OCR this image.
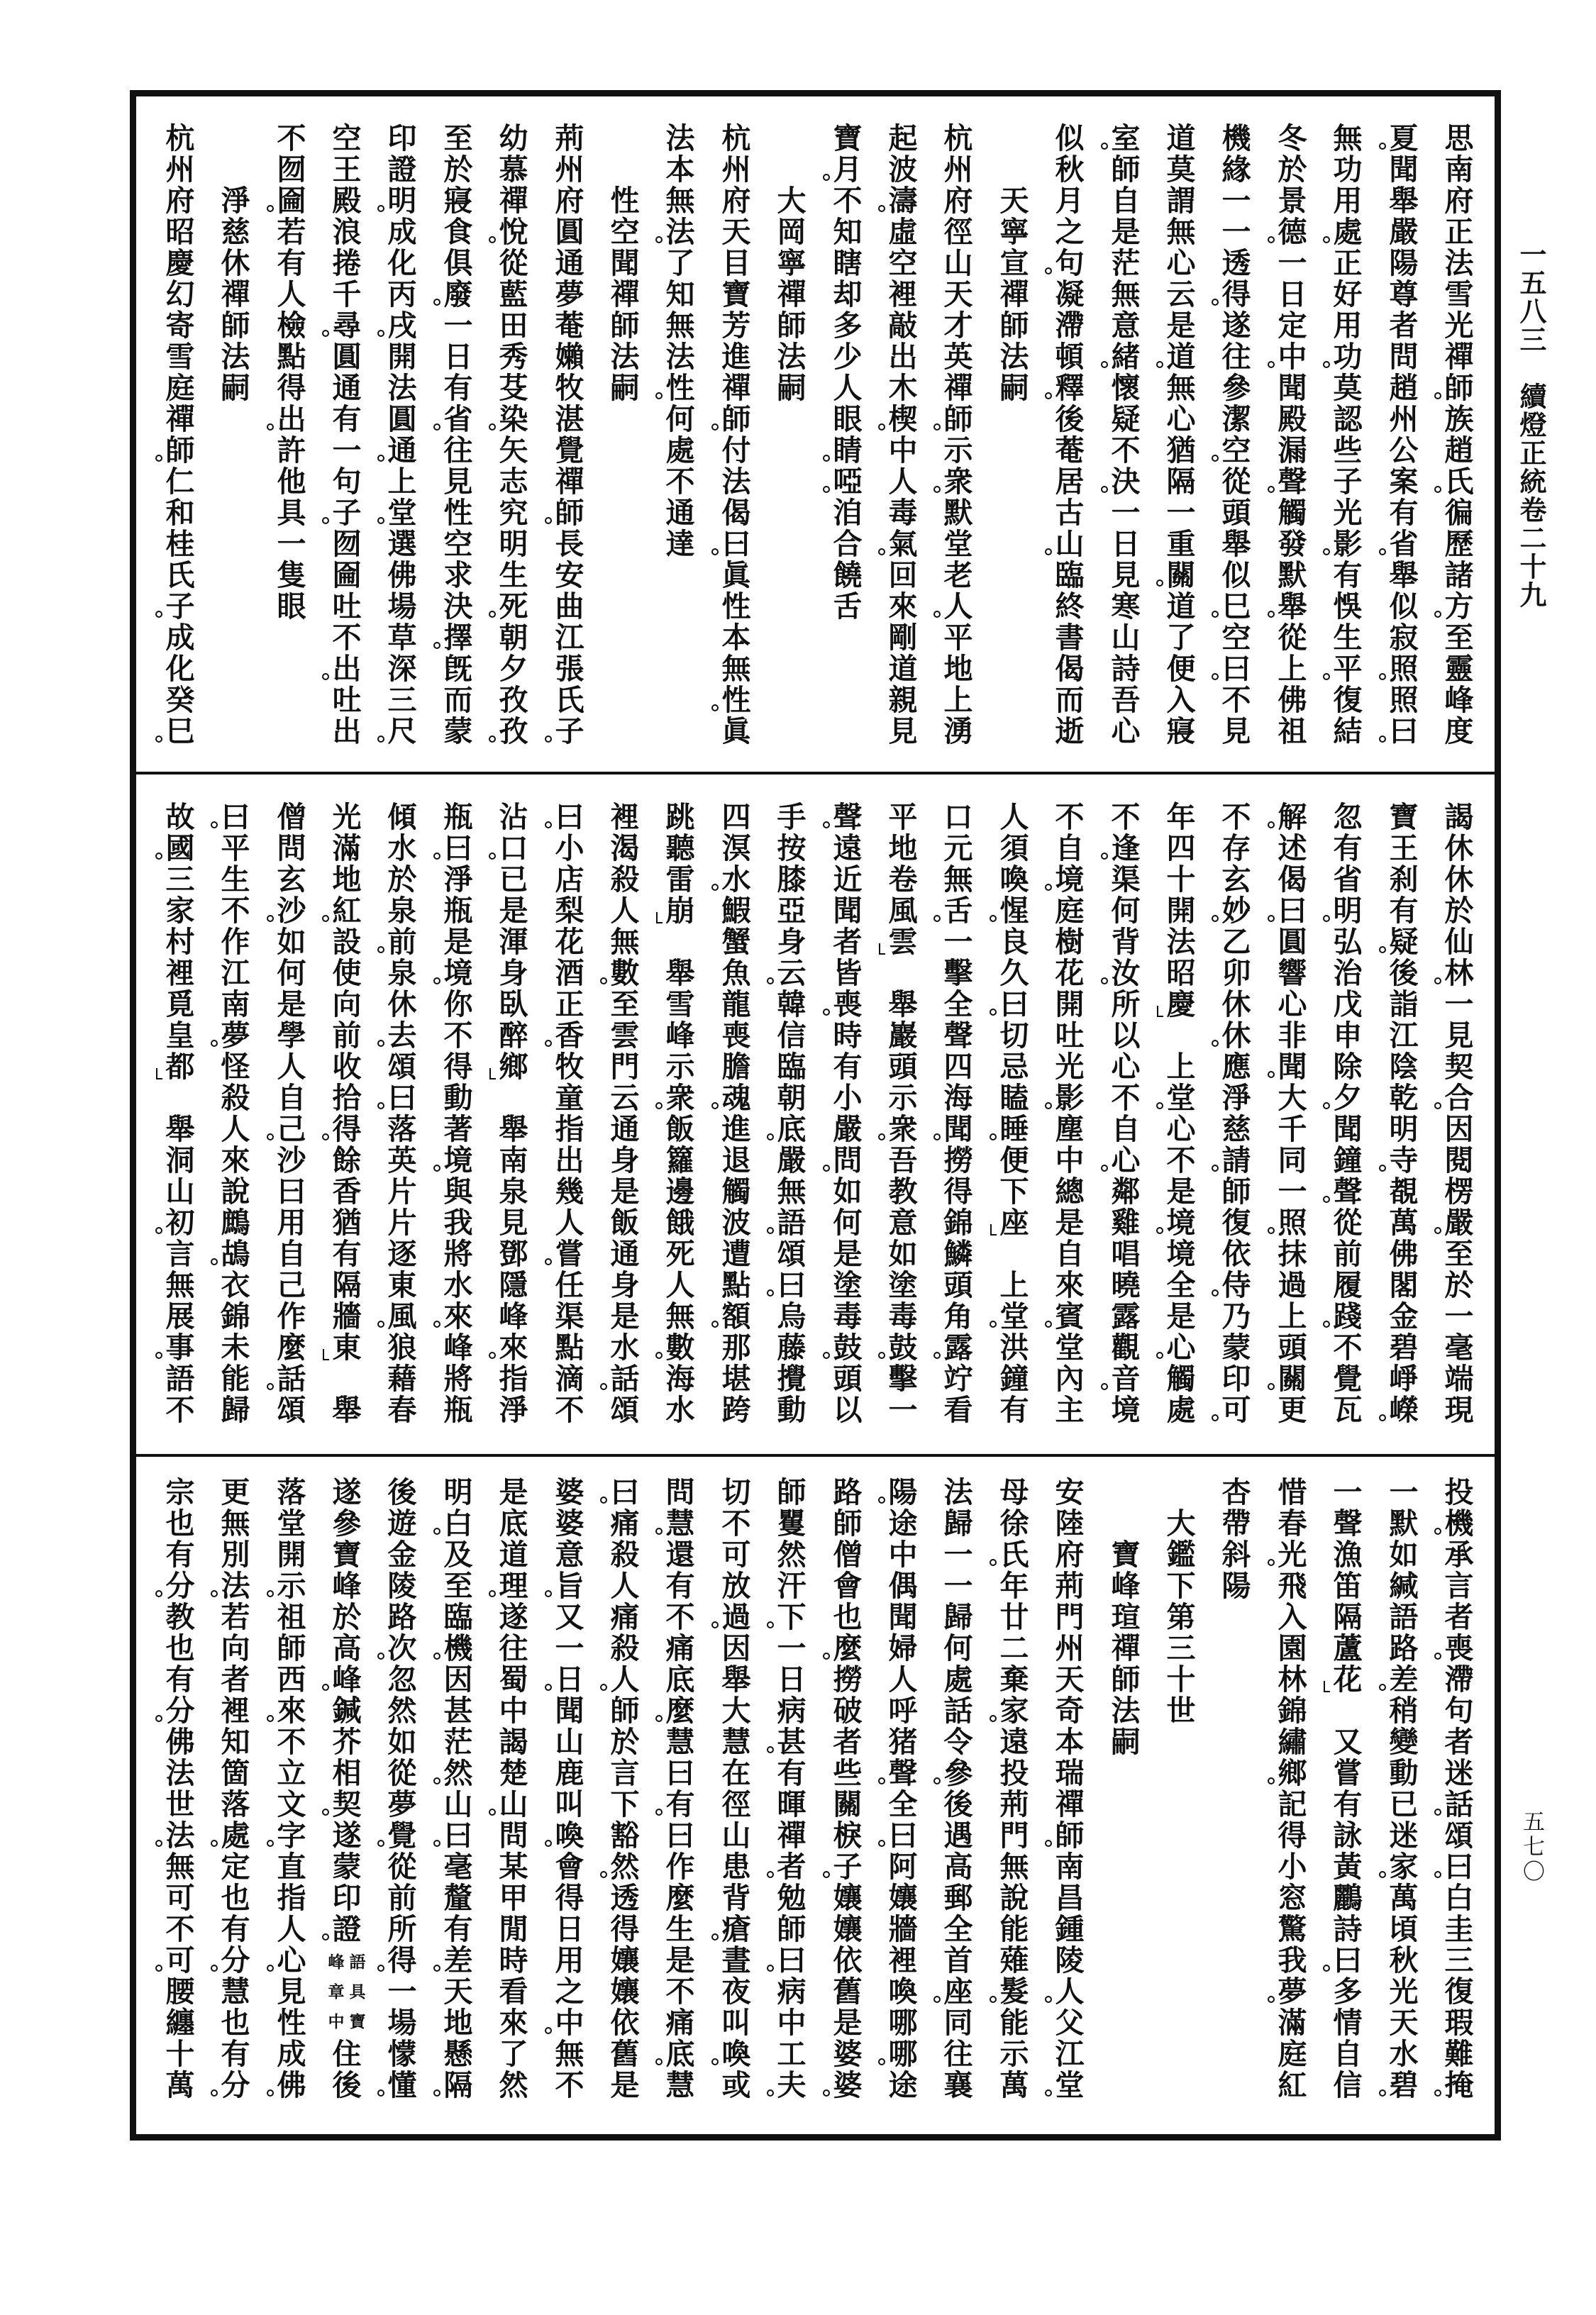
一五八三
續燈正統卷二十九
五七〇
思
南
府
正
法
雪
光
禪
師
族
趙
氏
徧
歷
諸
方
至
靈
峰
度
夏
聞
舉
嚴
陽
尊
者
問
趙
州
公
案
有
省
舉
似
寂
照
照
曰
無
功
用
處
正
好
用
功
莫
認
些
子
光
影
有
悞
生
平
復
結
冬
於
景
德
一
日
定
中
聞
殿
漏
聲
觸
發
默
舉
從
上
佛
祖
機
緣
一
一
透
得
遂
往
參
潔
空
從
頭
舉
似
巳
空
曰
不
見
道
莫
謂
無
心
云
是
道
無
心
猶
隔
一
重
關
道
了
便
入
寢
室
師
自
是
茫
無
意
緒
懷
疑
不
決
一
日
見
寒
山
詩
吾
心
似
秋
月
之
句
凝
滯
頓
釋
後
菴
居
古
山
臨
終
書
偈
而
逝

天
寧
宣
禪
師
法
嗣
杭
州
府
徑
山
天
才
英
禪
師
示
衆
默
堂
老
人
平
地
上
湧
起
波
濤
虛
空
裡
敲
出
木
楔
中
人
毒
氣
回
來
剛
道
親
見
寶
月
不
知
瞎
却
多
少
人
眼
睛
啞
洎
合
饒
舌

大
岡
寧
禪
師
法
嗣
杭
州
府
天
目
寶
芳
進
禪
師
付
法
偈
曰
眞
性
本
無
性
眞
法
本
無
法
了
知
無
法
性
何
處
不
通
達

性
空
聞
禪
師
法
嗣
荊
州
府
圓
通
夢
菴
嬾
牧
湛
覺
禪
師
長
安
曲
江
張
氏
子
幼
慕
禪
悅
從
藍
田
秀
芟
染
矢
志
究
明
生
死
朝
夕
孜
孜
至
於
寢
食
俱
廢
一
日
有
省
往
見
性
空
求
決
擇
旣
而
蒙
印
證
明
成
化
丙
戌
開
法
圓
通
上
堂
選
佛
場
草
深
三
尺
空
王
殿
浪
捲
千
尋
圓
通
有
一
句
子
囫
圇
吐
不
出
吐
出
不
囫
圇
若
有
人
檢
點
得
出
許
他
具
一
隻
眼

淨
慈
休
禪
師
法
嗣
杭
州
府
昭
慶
幻
寄
雪
庭
禪
師
仁
和
桂
氏
子
成
化
癸
巳
謁
休
休
於
仙
林
一
見
契
合
因
閱
楞
嚴
至
於
一
毫
端
現
寶
王
刹
有
疑
後
詣
江
陰
乾
明
寺
覩
萬
佛
閣
金
碧
崢
嶸
忽
有
省
明
弘
治
戊
申
除
夕
聞
鐘
聲
從
前
履
踐
不
覺
瓦
解
述
偈
曰
圓
響
心
非
聞
大
千
同
一
照
抹
過
上
頭
關
更
不
存
玄
妙
乙
卯
休
休
應
淨
慈
請
師
復
依
侍
乃
蒙
印
可
年
四
十
開
法
昭
慶

上
堂
心
不
是
境
境
全
是
心
觸
處
不
逢
渠
何
背
汝
所
以
心
不
自
心
鄰
雞
唱
曉
露
觀
音
境
不
自
境
庭
樹
花
開
吐
光
影
塵
中
總
是
自
來
賓
堂
內
主
人
須
喚
惺
良
久
曰
切
忌
瞌
睡
便
下
座

上
堂
洪
鐘
有
口
元
無
舌
一
擊
全
聲
四
海
聞
撈
得
錦
鱗
頭
角
露
竚
看
平
地
卷
風
雲

舉
巖
頭
示
衆
吾
教
意
如
塗
毒
鼓
擊
一
聲
遠
近
聞
者
皆
喪
時
有
小
嚴
問
如
何
是
塗
毒
鼓
頭
以
手
按
膝
亞
身
云
韓
信
臨
朝
底
嚴
無
語
頌
曰
烏
藤
攪
動
四
溟
水
鰕
蟹
魚
龍
喪
膽
魂
進
退
觸
波
遭
點
額
那
堪
跨
跳
聽
雷
崩

舉
雪
峰
示
衆
飯
籮
邊
餓
死
人
無
數
海
水
裡
渴
殺
人
無
數
至
雲
門
云
通
身
是
飯
通
身
是
水
話
頌
曰
小
店
梨
花
酒
正
香
牧
童
指
出
幾
人
嘗
任
渠
點
滴
不
沾
口
已
是
渾
身
臥
醉
鄉

舉
南
泉
見
鄧
隱
峰
來
指
淨
瓶
曰
淨
瓶
是
境
你
不
得
動
著
境
與
我
將
水
來
峰
將
瓶
傾
水
於
泉
前
泉
休
去
頌
曰
落
英
片
片
逐
東
風
狼
藉
春
光
滿
地
紅
設
使
向
前
收
拾
得
餘
香
猶
有
隔
牆
東

舉
僧
問
玄
沙
如
何
是
學
人
自
己
沙
曰
用
自
己
作
麼
話
頌
曰
平
生
不
作
江
南
夢
怪
殺
人
來
說
鷓
鴣
衣
錦
未
能
歸
故
國
三
家
村
裡
覓
皇
都

舉
洞
山
初
言
無
展
事
語
不
投
機
承
言
者
喪
滯
句
者
迷
話
頌
曰
白
圭
三
復
瑕
難
掩
一
默
如
緘
語
路
差
稍
變
動
已
迷
家
萬
頃
秋
光
天
水
碧
一
聲
漁
笛
隔
蘆
花

又
嘗
有
詠
黃
鸝
詩
曰
多
情
自
信
惜
春
光
飛
入
園
林
錦
繡
鄉
記
得
小
窓
驚
我
夢
滿
庭
紅
杏
帶
斜
陽

大
鑑
下
第
三
十
世

寶
峰
瑄
禪
師
法
嗣
安
陸
府
荊
門
州
天
奇
本
瑞
禪
師
南
昌
鍾
陵
人
父
江
堂
母
徐
氏
年
廿
二
棄
家
遠
投
荊
門
無
說
能
薙
髮
能
示
萬
法
歸
一
一
歸
何
處
話
令
參
後
遇
高
郵
全
首
座
同
往
襄
陽
途
中
偶
聞
婦
人
呼
猪
聲
全
曰
阿
孃
牆
裡
喚
哪
哪
途
路
師
僧
會
也
麼
撈
破
者
些
關
棙
子
孃
孃
依
舊
是
婆
婆
師
矍
然
汗
下
一
日
病
甚
有
暉
禪
者
勉
師
曰
病
中
工
夫
切
不
可
放
過
因
舉
大
慧
在
徑
山
患
背
瘡
晝
夜
叫
喚
或
問
慧
還
有
不
痛
底
麼
慧
曰
有
曰
作
麼
生
是
不
痛
底
慧
曰
痛
殺
人
痛
殺
人
師
於
言
下
豁
然
透
得
孃
孃
依
舊
是
婆
婆
意
旨
又
一
日
聞
山
鹿
叫
喚
會
得
日
用
之
中
無
不
是
底
道
理
遂
往
蜀
中
謁
楚
山
問
某
甲
閒
時
看
來
了
然
明
白
及
至
臨
機
因
甚
茫
然
山
曰
毫
釐
有
差
天
地
懸
隔
後
遊
金
陵
路
次
忽
然
如
從
夢
覺
從
前
所
得
一
場
懞
懂
遂
參
寶
峰
於
高
峰
鍼
芥
相
契
遂
蒙
印
證
語
具
寶
峰
章
中
住
後
落
堂
開
示
祖
師
西
來
不
立
文
字
直
指
人
心
見
性
成
佛
更
無
別
法
若
向
者
裡
知
箇
落
處
定
也
有
分
慧
也
有
分
宗
也
有
分
教
也
有
分
佛
法
世
法
無
可
不
可
腰
纏
十
萬
